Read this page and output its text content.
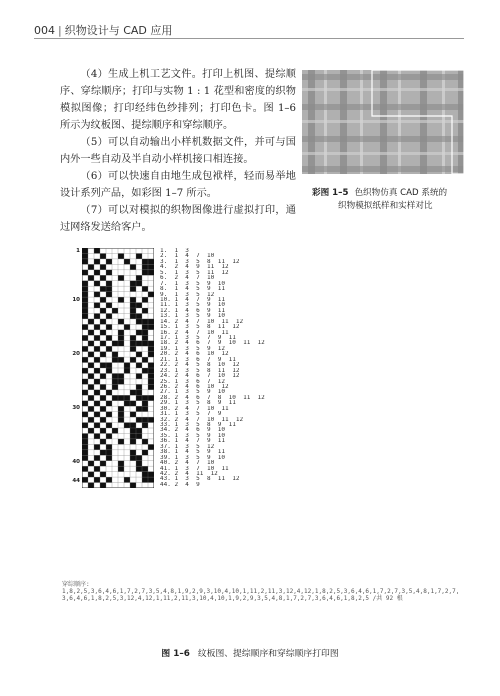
004 | 织物设计与 CAD 应用

（4）生成上机工艺文件。打印上机图、提综顺序、穿综顺序；打印与实物 1 : 1 花型和密度的织物模拟图像；打印经纬色纱排列；打印色卡。图 1–6 所示为纹板图、提综顺序和穿综顺序。

（5）可以自动输出小样机数据文件，并可与国内外一些自动及半自动小样机接口相连接。

（6）可以快速自由地生成包袱样，轻而易举地设计系列产品，如彩图 1–7 所示。

（7）可以对模拟的织物图像进行虚拟打印，通过网络发送给客户。

彩图 1–5 色织物仿真 CAD 系统的
织物模拟纸样和实样对比
1
10
20
30
40
44
1.  1  3
2.  1  4  7  10
3.  1  3  5  8  11  12
4.  2  4  9  11  12
5.  1  3  5  11  12
6.  2  4  7  10
7.  1  3  5  9  10
8.  1  4  5  9  11
9.  1  3  5  12
10. 1  4  7  9  11
11. 1  3  5  9  10
12. 1  4  6  9  11
13. 1  3  5  9  10
14. 2  4  7  10  11  12
15. 1  3  5  8  11  12
16. 2  4  7  10  11
17. 1  3  5  7  9  11
18. 2  4  6  7  9  10  11  12
19. 1  3  5  9  12
20. 2  4  6  10  12
21. 1  3  6  7  9  11
22. 2  4  5  8  10  12
23. 1  3  5  8  11  12
24. 2  4  6  7  10  12
25. 1  3  6  7  12
26. 2  4  6  10  12
27. 1  3  5  9  10
28. 2  4  6  7  8  10  11  12
29. 1  3  5  8  9  11
30. 2  4  7  10  11
31. 1  3  5  7  9
32. 2  4  7  10  11  12
33. 1  3  5  8  9  11
34. 2  4  6  9  10
35. 1  3  5  9  10
36. 1  4  7  9  11
37. 1  3  5  12
38. 1  4  5  9  11
39. 1  3  5  9  10
40. 2  4  7  10
41. 1  3  7  10  11
42. 2  4  11  12
43. 1  3  5  8  11  12
44. 2  4  9
穿综顺序:
1,8,2,5,3,6,4,6,1,7,2,7,3,5,4,8,1,9,2,9,3,10,4,10,1,11,2,11,3,12,4,12,1,8,2,5,3,6,4,6,1,7,2,7,3,5,4,8,1,7,2,7,3,6,4,6,1,8,2,5,3,12,4,12,1,11,2,11,3,10,4,10,1,9,2,9,3,5,4,8,1,7,2,7,3,6,4,6,1,8,2,5 /共 92 根
图 1–6 纹板图、提综顺序和穿综顺序打印图
